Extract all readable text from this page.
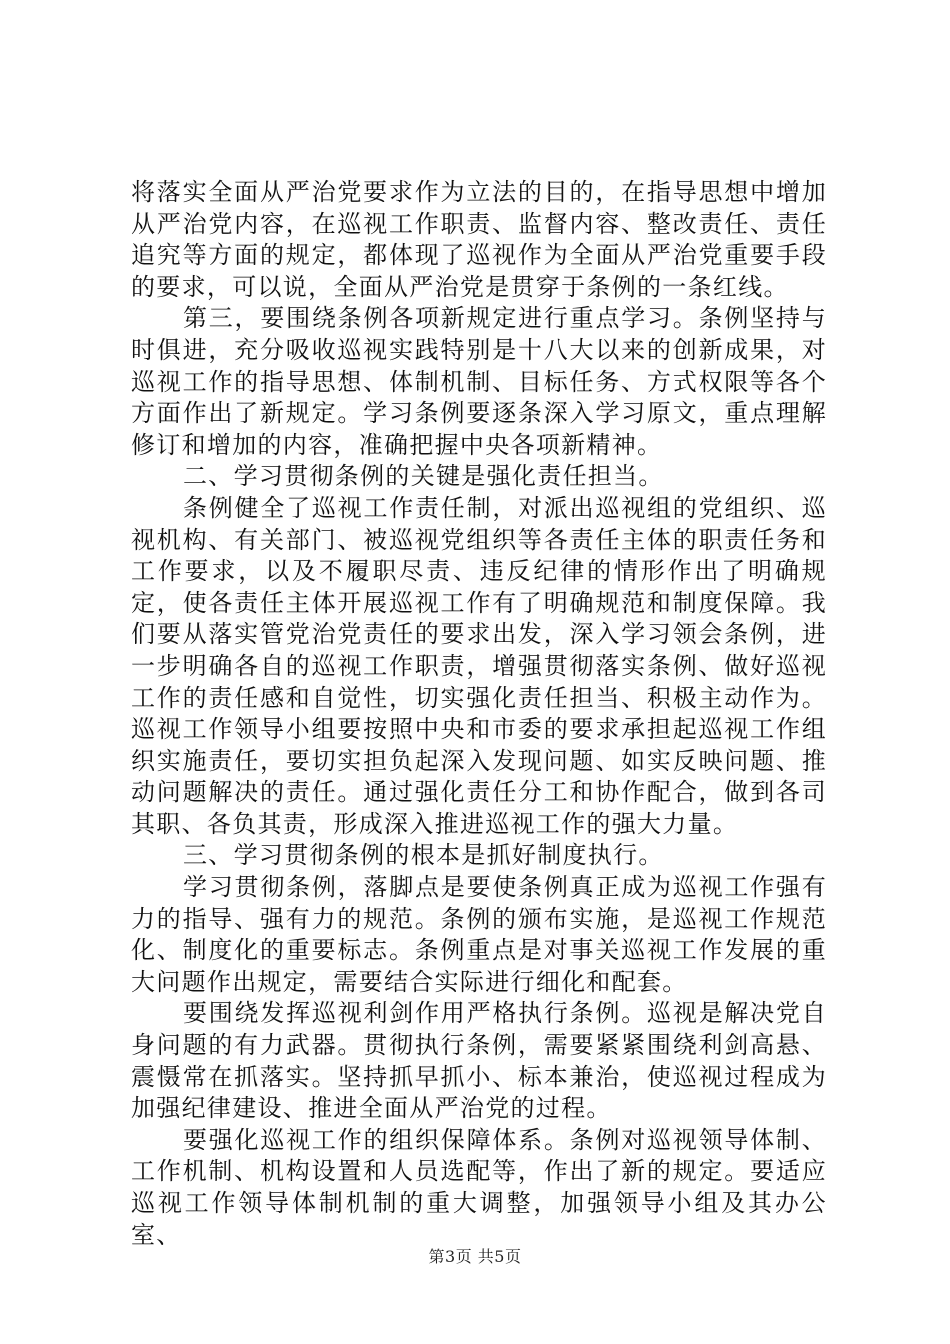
将落实全面从严治党要求作为立法的目的，在指导思想中增加从严治党内容，在巡视工作职责、监督内容、整改责任、责任追究等方面的规定，都体现了巡视作为全面从严治党重要手段的要求，可以说，全面从严治党是贯穿于条例的一条红线。

第三，要围绕条例各项新规定进行重点学习。条例坚持与时俱进，充分吸收巡视实践特别是十八大以来的创新成果，对巡视工作的指导思想、体制机制、目标任务、方式权限等各个方面作出了新规定。学习条例要逐条深入学习原文，重点理解修订和增加的内容，准确把握中央各项新精神。

二、学习贯彻条例的关键是强化责任担当。

条例健全了巡视工作责任制，对派出巡视组的党组织、巡视机构、有关部门、被巡视党组织等各责任主体的职责任务和工作要求，以及不履职尽责、违反纪律的情形作出了明确规定，使各责任主体开展巡视工作有了明确规范和制度保障。我们要从落实管党治党责任的要求出发，深入学习领会条例，进一步明确各自的巡视工作职责，增强贯彻落实条例、做好巡视工作的责任感和自觉性，切实强化责任担当、积极主动作为。巡视工作领导小组要按照中央和市委的要求承担起巡视工作组织实施责任，要切实担负起深入发现问题、如实反映问题、推动问题解决的责任。通过强化责任分工和协作配合，做到各司其职、各负其责，形成深入推进巡视工作的强大力量。

三、学习贯彻条例的根本是抓好制度执行。

学习贯彻条例，落脚点是要使条例真正成为巡视工作强有力的指导、强有力的规范。条例的颁布实施，是巡视工作规范化、制度化的重要标志。条例重点是对事关巡视工作发展的重大问题作出规定，需要结合实际进行细化和配套。

要围绕发挥巡视利剑作用严格执行条例。巡视是解决党自身问题的有力武器。贯彻执行条例，需要紧紧围绕利剑高悬、震慑常在抓落实。坚持抓早抓小、标本兼治，使巡视过程成为加强纪律建设、推进全面从严治党的过程。

要强化巡视工作的组织保障体系。条例对巡视领导体制、工作机制、机构设置和人员选配等，作出了新的规定。要适应巡视工作领导体制机制的重大调整，加强领导小组及其办公室、

第3页 共5页
